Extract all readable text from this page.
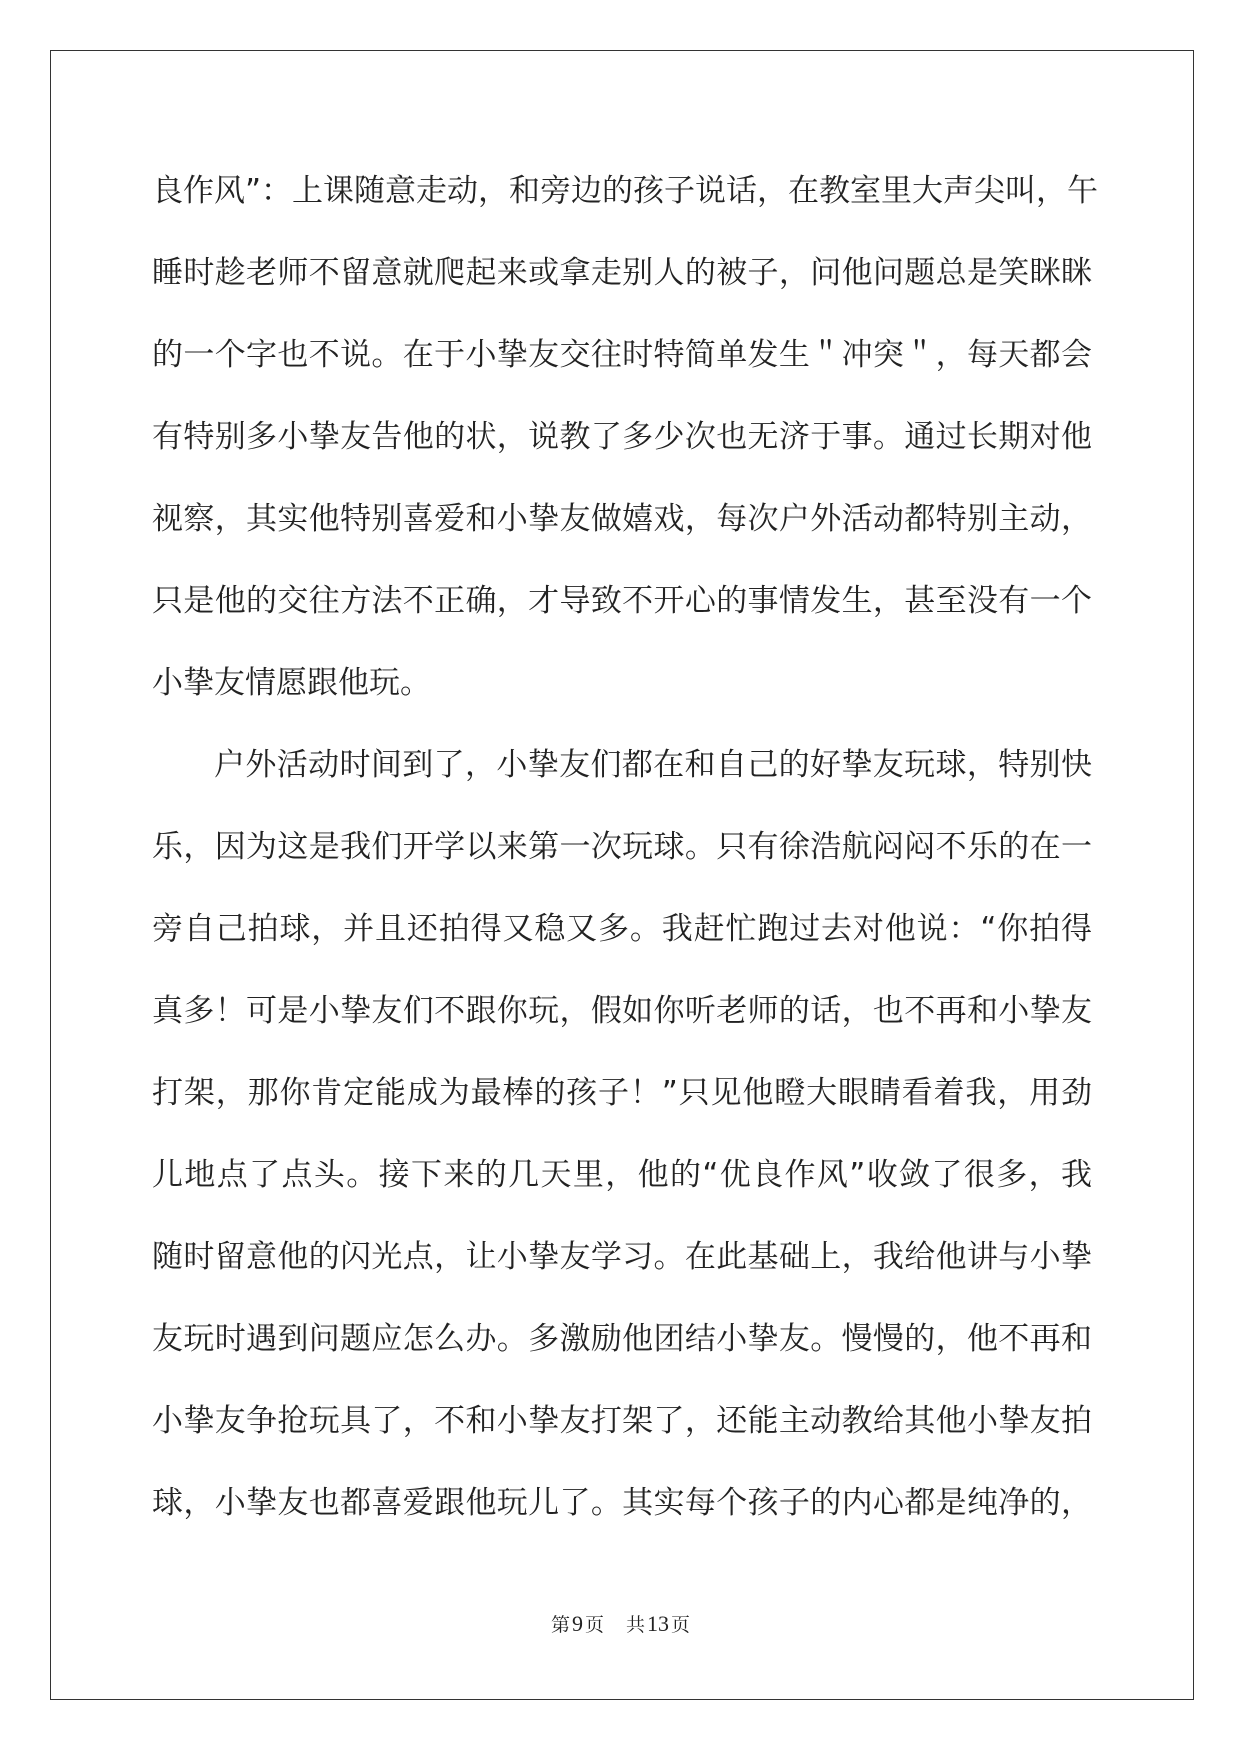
良作风”：上课随意走动，和旁边的孩子说话，在教室里大声尖叫，午
睡时趁老师不留意就爬起来或拿走别人的被子，问他问题总是笑眯眯
的一个字也不说。在于小挚友交往时特简单发生＂冲突＂，每天都会
有特别多小挚友告他的状，说教了多少次也无济于事。通过长期对他
视察，其实他特别喜爱和小挚友做嬉戏，每次户外活动都特别主动，
只是他的交往方法不正确，才导致不开心的事情发生，甚至没有一个
小挚友情愿跟他玩。
户外活动时间到了，小挚友们都在和自己的好挚友玩球，特别快
乐，因为这是我们开学以来第一次玩球。只有徐浩航闷闷不乐的在一
旁自己拍球，并且还拍得又稳又多。我赶忙跑过去对他说：“你拍得
真多！可是小挚友们不跟你玩，假如你听老师的话，也不再和小挚友
打架，那你肯定能成为最棒的孩子！”只见他瞪大眼睛看着我，用劲
儿地点了点头。接下来的几天里，他的“优良作风”收敛了很多，我
随时留意他的闪光点，让小挚友学习。在此基础上，我给他讲与小挚
友玩时遇到问题应怎么办。多激励他团结小挚友。慢慢的，他不再和
小挚友争抢玩具了，不和小挚友打架了，还能主动教给其他小挚友拍
球，小挚友也都喜爱跟他玩儿了。其实每个孩子的内心都是纯净的，
第9 页 共13 页
